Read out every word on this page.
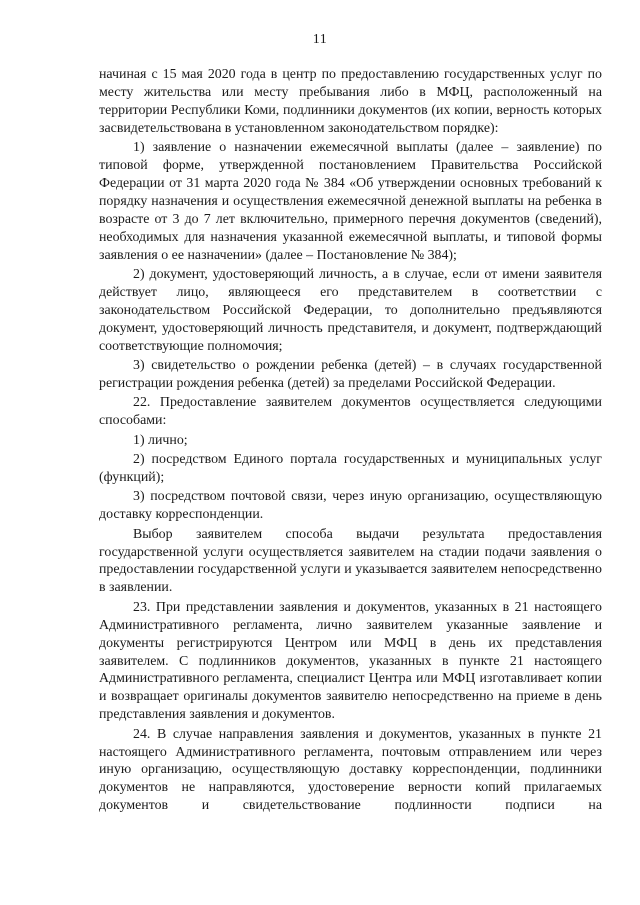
11

начиная с 15 мая 2020 года в центр по предоставлению государственных услуг по месту жительства или месту пребывания либо в МФЦ, расположенный на территории Республики Коми, подлинники документов (их копии, верность которых засвидетельствована в установленном законодательством порядке):

1) заявление о назначении ежемесячной выплаты (далее – заявление) по типовой форме, утвержденной постановлением Правительства Российской Федерации от 31 марта 2020 года № 384 «Об утверждении основных требований к порядку назначения и осуществления ежемесячной денежной выплаты на ребенка в возрасте от 3 до 7 лет включительно, примерного перечня документов (сведений), необходимых для назначения указанной ежемесячной выплаты, и типовой формы заявления о ее назначении» (далее – Постановление № 384);

2) документ, удостоверяющий личность, а в случае, если от имени заявителя действует лицо, являющееся его представителем в соответствии с законодательством Российской Федерации, то дополнительно предъявляются документ, удостоверяющий личность представителя, и документ, подтверждающий соответствующие полномочия;

3) свидетельство о рождении ребенка (детей) – в случаях государственной регистрации рождения ребенка (детей) за пределами Российской Федерации.

22. Предоставление заявителем документов осуществляется следующими способами:

1) лично;

2) посредством Единого портала государственных и муниципальных услуг (функций);

3) посредством почтовой связи, через иную организацию, осуществляющую доставку корреспонденции.

Выбор заявителем способа выдачи результата предоставления государственной услуги осуществляется заявителем на стадии подачи заявления о предоставлении государственной услуги и указывается заявителем непосредственно в заявлении.

23. При представлении заявления и документов, указанных в 21 настоящего Административного регламента, лично заявителем указанные заявление и документы регистрируются Центром или МФЦ в день их представления заявителем. С подлинников документов, указанных в пункте 21 настоящего Административного регламента, специалист Центра или МФЦ изготавливает копии и возвращает оригиналы документов заявителю непосредственно на приеме в день представления заявления и документов.

24. В случае направления заявления и документов, указанных в пункте 21 настоящего Административного регламента, почтовым отправлением или через иную организацию, осуществляющую доставку корреспонденции, подлинники документов не направляются, удостоверение верности копий прилагаемых документов и свидетельствование подлинности подписи на
